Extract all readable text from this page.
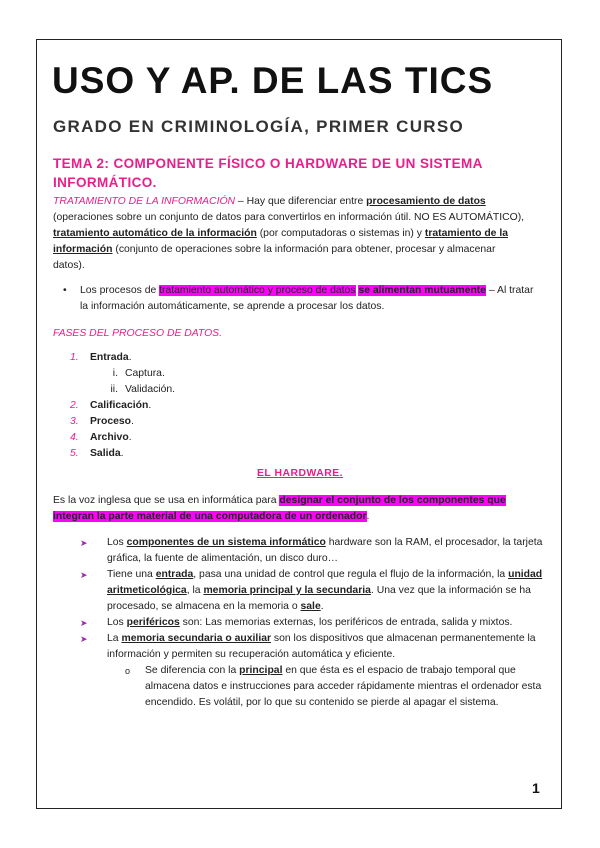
USO Y AP. DE LAS TICS
GRADO EN CRIMINOLOGÍA, PRIMER CURSO
TEMA 2: COMPONENTE FÍSICO O HARDWARE DE UN SISTEMA INFORMÁTICO.

TRATAMIENTO DE LA INFORMACIÓN – Hay que diferenciar entre procesamiento de datos (operaciones sobre un conjunto de datos para convertirlos en información útil. NO ES AUTOMÁTICO), tratamiento automático de la información (por computadoras o sistemas in) y tratamiento de la información (conjunto de operaciones sobre la información para obtener, procesar y almacenar datos).

•	Los procesos de tratamiento automático y proceso de datos se alimentan mutuamente – Al tratar la información automáticamente, se aprende a procesar los datos.

FASES DEL PROCESO DE DATOS.

1. Entrada.
i. Captura.
ii. Validación.
2. Calificación.
3. Proceso.
4. Archivo.
5. Salida.
EL HARDWARE.

Es la voz inglesa que se usa en informática para designar el conjunto de los componentes que integran la parte material de una computadora de un ordenador.

➤ Los componentes de un sistema informático hardware son la RAM, el procesador, la tarjeta gráfica, la fuente de alimentación, un disco duro…
➤ Tiene una entrada, pasa una unidad de control que regula el flujo de la información, la unidad aritmeticológica, la memoria principal y la secundaria. Una vez que la información se ha procesado, se almacena en la memoria o sale.
➤ Los periféricos son: Las memorias externas, los periféricos de entrada, salida y mixtos.
➤ La memoria secundaria o auxiliar son los dispositivos que almacenan permanentemente la información y permiten su recuperación automática y eficiente.
o Se diferencia con la principal en que ésta es el espacio de trabajo temporal que almacena datos e instrucciones para acceder rápidamente mientras el ordenador esta encendido. Es volátil, por lo que su contenido se pierde al apagar el sistema.
1
